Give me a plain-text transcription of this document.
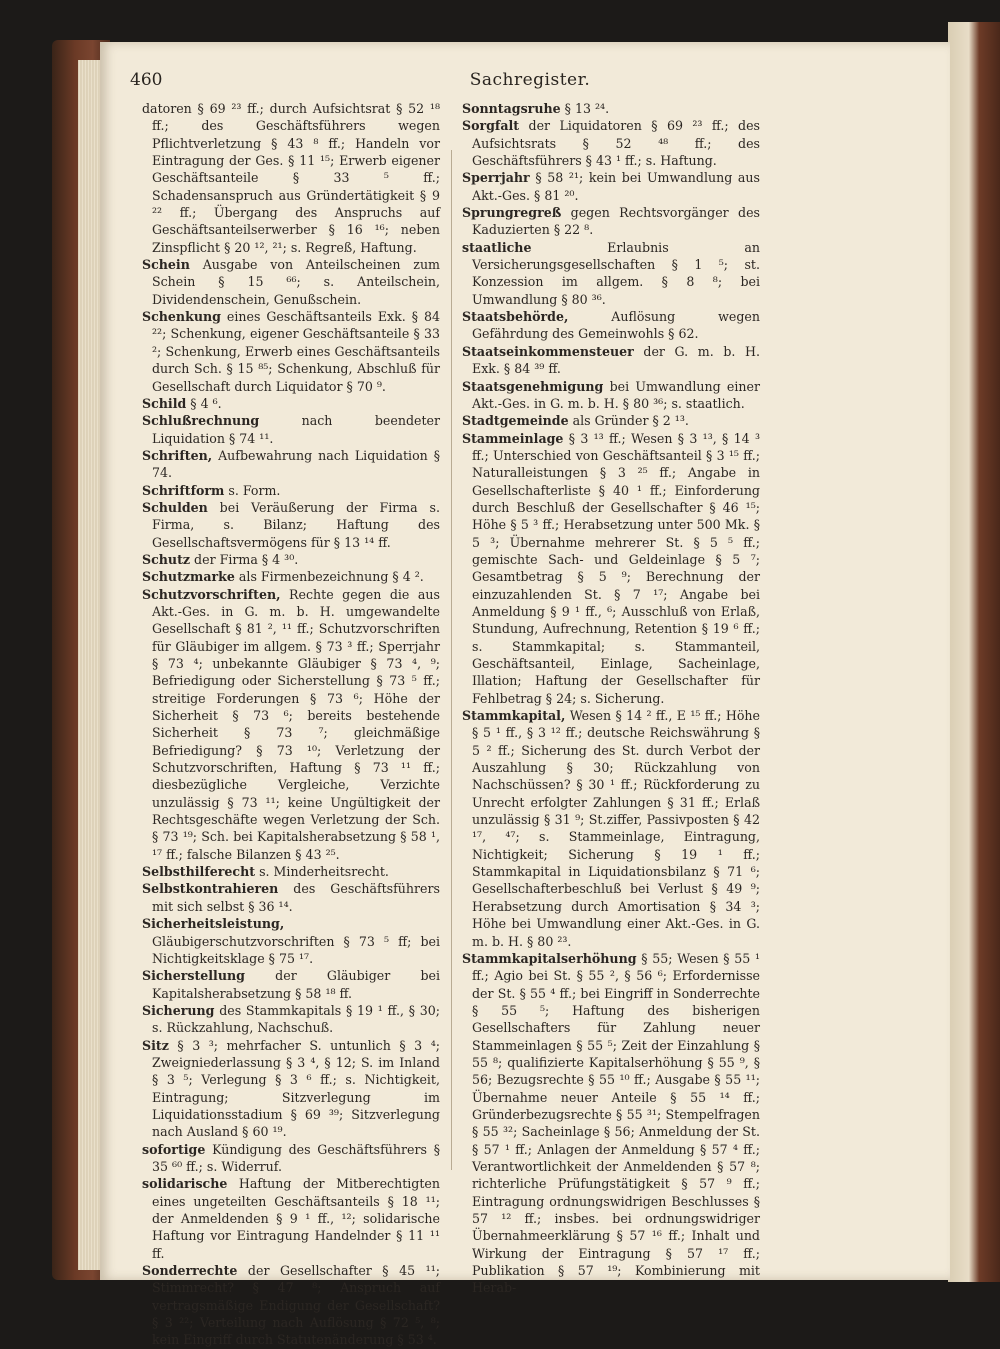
Sachregister.
460

datoren § 69 ²³ ff.; durch Aufsichtsrat § 52 ¹⁸ ff.; des Geschäftsführers wegen Pflichtverletzung § 43 ⁸ ff.; Handeln vor Eintragung der Ges. § 11 ¹⁵; Erwerb eigener Geschäftsanteile § 33 ⁵ ff.; Schadensanspruch aus Gründertätigkeit § 9 ²² ff.; Übergang des Anspruchs auf Geschäftsanteilserwerber § 16 ¹⁶; neben Zinspflicht § 20 ¹², ²¹; s. Regreß, Haftung.

Schein Ausgabe von Anteilscheinen zum Schein § 15 ⁶⁶; s. Anteilschein, Dividendenschein, Genußschein.

Schenkung eines Geschäftsanteils Exk. § 84 ²²; Schenkung, eigener Geschäftsanteile § 33 ²; Schenkung, Erwerb eines Geschäftsanteils durch Sch. § 15 ⁸⁵; Schenkung, Abschluß für Gesellschaft durch Liquidator § 70 ⁹.

Schild § 4 ⁶.

Schlußrechnung nach beendeter Liquidation § 74 ¹¹.

Schriften, Aufbewahrung nach Liquidation § 74.

Schriftform s. Form.

Schulden bei Veräußerung der Firma s. Firma, s. Bilanz; Haftung des Gesellschaftsvermögens für § 13 ¹⁴ ff.

Schutz der Firma § 4 ³⁰.

Schutzmarke als Firmenbezeichnung § 4 ².

Schutzvorschriften, Rechte gegen die aus Akt.-Ges. in G. m. b. H. umgewandelte Gesellschaft § 81 ², ¹¹ ff.; Schutzvorschriften für Gläubiger im allgem. § 73 ³ ff.; Sperrjahr § 73 ⁴; unbekannte Gläubiger § 73 ⁴, ⁹; Befriedigung oder Sicherstellung § 73 ⁵ ff.; streitige Forderungen § 73 ⁶; Höhe der Sicherheit § 73 ⁶; bereits bestehende Sicherheit § 73 ⁷; gleichmäßige Befriedigung? § 73 ¹⁰; Verletzung der Schutzvorschriften, Haftung § 73 ¹¹ ff.; diesbezügliche Vergleiche, Verzichte unzulässig § 73 ¹¹; keine Ungültigkeit der Rechtsgeschäfte wegen Verletzung der Sch. § 73 ¹⁹; Sch. bei Kapitalsherabsetzung § 58 ¹, ¹⁷ ff.; falsche Bilanzen § 43 ²⁵.

Selbsthilferecht s. Minderheitsrecht.

Selbstkontrahieren des Geschäftsführers mit sich selbst § 36 ¹⁴.

Sicherheitsleistung, Gläubigerschutzvorschriften § 73 ⁵ ff; bei Nichtigkeitsklage § 75 ¹⁷.

Sicherstellung der Gläubiger bei Kapitalsherabsetzung § 58 ¹⁸ ff.

Sicherung des Stammkapitals § 19 ¹ ff., § 30; s. Rückzahlung, Nachschuß.

Sitz § 3 ³; mehrfacher S. untunlich § 3 ⁴; Zweigniederlassung § 3 ⁴, § 12; S. im Inland § 3 ⁵; Verlegung § 3 ⁶ ff.; s. Nichtigkeit, Eintragung; Sitzverlegung im Liquidationsstadium § 69 ³⁹; Sitzverlegung nach Ausland § 60 ¹⁹.

sofortige Kündigung des Geschäftsführers § 35 ⁶⁰ ff.; s. Widerruf.

solidarische Haftung der Mitberechtigten eines ungeteilten Geschäftsanteils § 18 ¹¹; der Anmeldenden § 9 ¹ ff., ¹²; solidarische Haftung vor Eintragung Handelnder § 11 ¹¹ ff.

Sonderrechte der Gesellschafter § 45 ¹¹; Stimmrecht? § 47 ⁸; Anspruch auf vertragsmäßige Endigung der Gesellschaft? § 3 ²²; Verteilung nach Auflösung § 72 ⁵, ⁸; kein Eingriff durch Statutenänderung § 53 ⁴.

Sonntagsruhe § 13 ²⁴.

Sorgfalt der Liquidatoren § 69 ²³ ff.; des Aufsichtsrats § 52 ⁴⁸ ff.; des Geschäftsführers § 43 ¹ ff.; s. Haftung.

Sperrjahr § 58 ²¹; kein bei Umwandlung aus Akt.-Ges. § 81 ²⁰.

Sprungregreß gegen Rechtsvorgänger des Kaduzierten § 22 ⁸.

staatliche Erlaubnis an Versicherungsgesellschaften § 1 ⁵; st. Konzession im allgem. § 8 ⁸; bei Umwandlung § 80 ³⁶.

Staatsbehörde, Auflösung wegen Gefährdung des Gemeinwohls § 62.

Staatseinkommensteuer der G. m. b. H. Exk. § 84 ³⁹ ff.

Staatsgenehmigung bei Umwandlung einer Akt.-Ges. in G. m. b. H. § 80 ³⁶; s. staatlich.

Stadtgemeinde als Gründer § 2 ¹³.

Stammeinlage § 3 ¹³ ff.; Wesen § 3 ¹³, § 14 ³ ff.; Unterschied von Geschäftsanteil § 3 ¹⁵ ff.; Naturalleistungen § 3 ²⁵ ff.; Angabe in Gesellschafterliste § 40 ¹ ff.; Einforderung durch Beschluß der Gesellschafter § 46 ¹⁵; Höhe § 5 ³ ff.; Herabsetzung unter 500 Mk. § 5 ³; Übernahme mehrerer St. § 5 ⁵ ff.; gemischte Sach- und Geldeinlage § 5 ⁷; Gesamtbetrag § 5 ⁹; Berechnung der einzuzahlenden St. § 7 ¹⁷; Angabe bei Anmeldung § 9 ¹ ff., ⁶; Ausschluß von Erlaß, Stundung, Aufrechnung, Retention § 19 ⁶ ff.; s. Stammkapital; s. Stammanteil, Geschäftsanteil, Einlage, Sacheinlage, Illation; Haftung der Gesellschafter für Fehlbetrag § 24; s. Sicherung.

Stammkapital, Wesen § 14 ² ff., E ¹⁵ ff.; Höhe § 5 ¹ ff., § 3 ¹² ff.; deutsche Reichswährung § 5 ² ff.; Sicherung des St. durch Verbot der Auszahlung § 30; Rückzahlung von Nachschüssen? § 30 ¹ ff.; Rückforderung zu Unrecht erfolgter Zahlungen § 31 ff.; Erlaß unzulässig § 31 ⁹; St.ziffer, Passivposten § 42 ¹⁷, ⁴⁷; s. Stammeinlage, Eintragung, Nichtigkeit; Sicherung § 19 ¹ ff.; Stammkapital in Liquidationsbilanz § 71 ⁶; Gesellschafterbeschluß bei Verlust § 49 ⁹; Herabsetzung durch Amortisation § 34 ³; Höhe bei Umwandlung einer Akt.-Ges. in G. m. b. H. § 80 ²³.

Stammkapitalserhöhung § 55; Wesen § 55 ¹ ff.; Agio bei St. § 55 ², § 56 ⁶; Erfordernisse der St. § 55 ⁴ ff.; bei Eingriff in Sonderrechte § 55 ⁵; Haftung des bisherigen Gesellschafters für Zahlung neuer Stammeinlagen § 55 ⁵; Zeit der Einzahlung § 55 ⁸; qualifizierte Kapitalserhöhung § 55 ⁹, § 56; Bezugsrechte § 55 ¹⁰ ff.; Ausgabe § 55 ¹¹; Übernahme neuer Anteile § 55 ¹⁴ ff.; Gründerbezugsrechte § 55 ³¹; Stempelfragen § 55 ³²; Sacheinlage § 56; Anmeldung der St. § 57 ¹ ff.; Anlagen der Anmeldung § 57 ⁴ ff.; Verantwortlichkeit der Anmeldenden § 57 ⁸; richterliche Prüfungstätigkeit § 57 ⁹ ff.; Eintragung ordnungswidrigen Beschlusses § 57 ¹² ff.; insbes. bei ordnungswidriger Übernahmeerklärung § 57 ¹⁶ ff.; Inhalt und Wirkung der Eintragung § 57 ¹⁷ ff.; Publikation § 57 ¹⁹; Kombinierung mit Herab-
